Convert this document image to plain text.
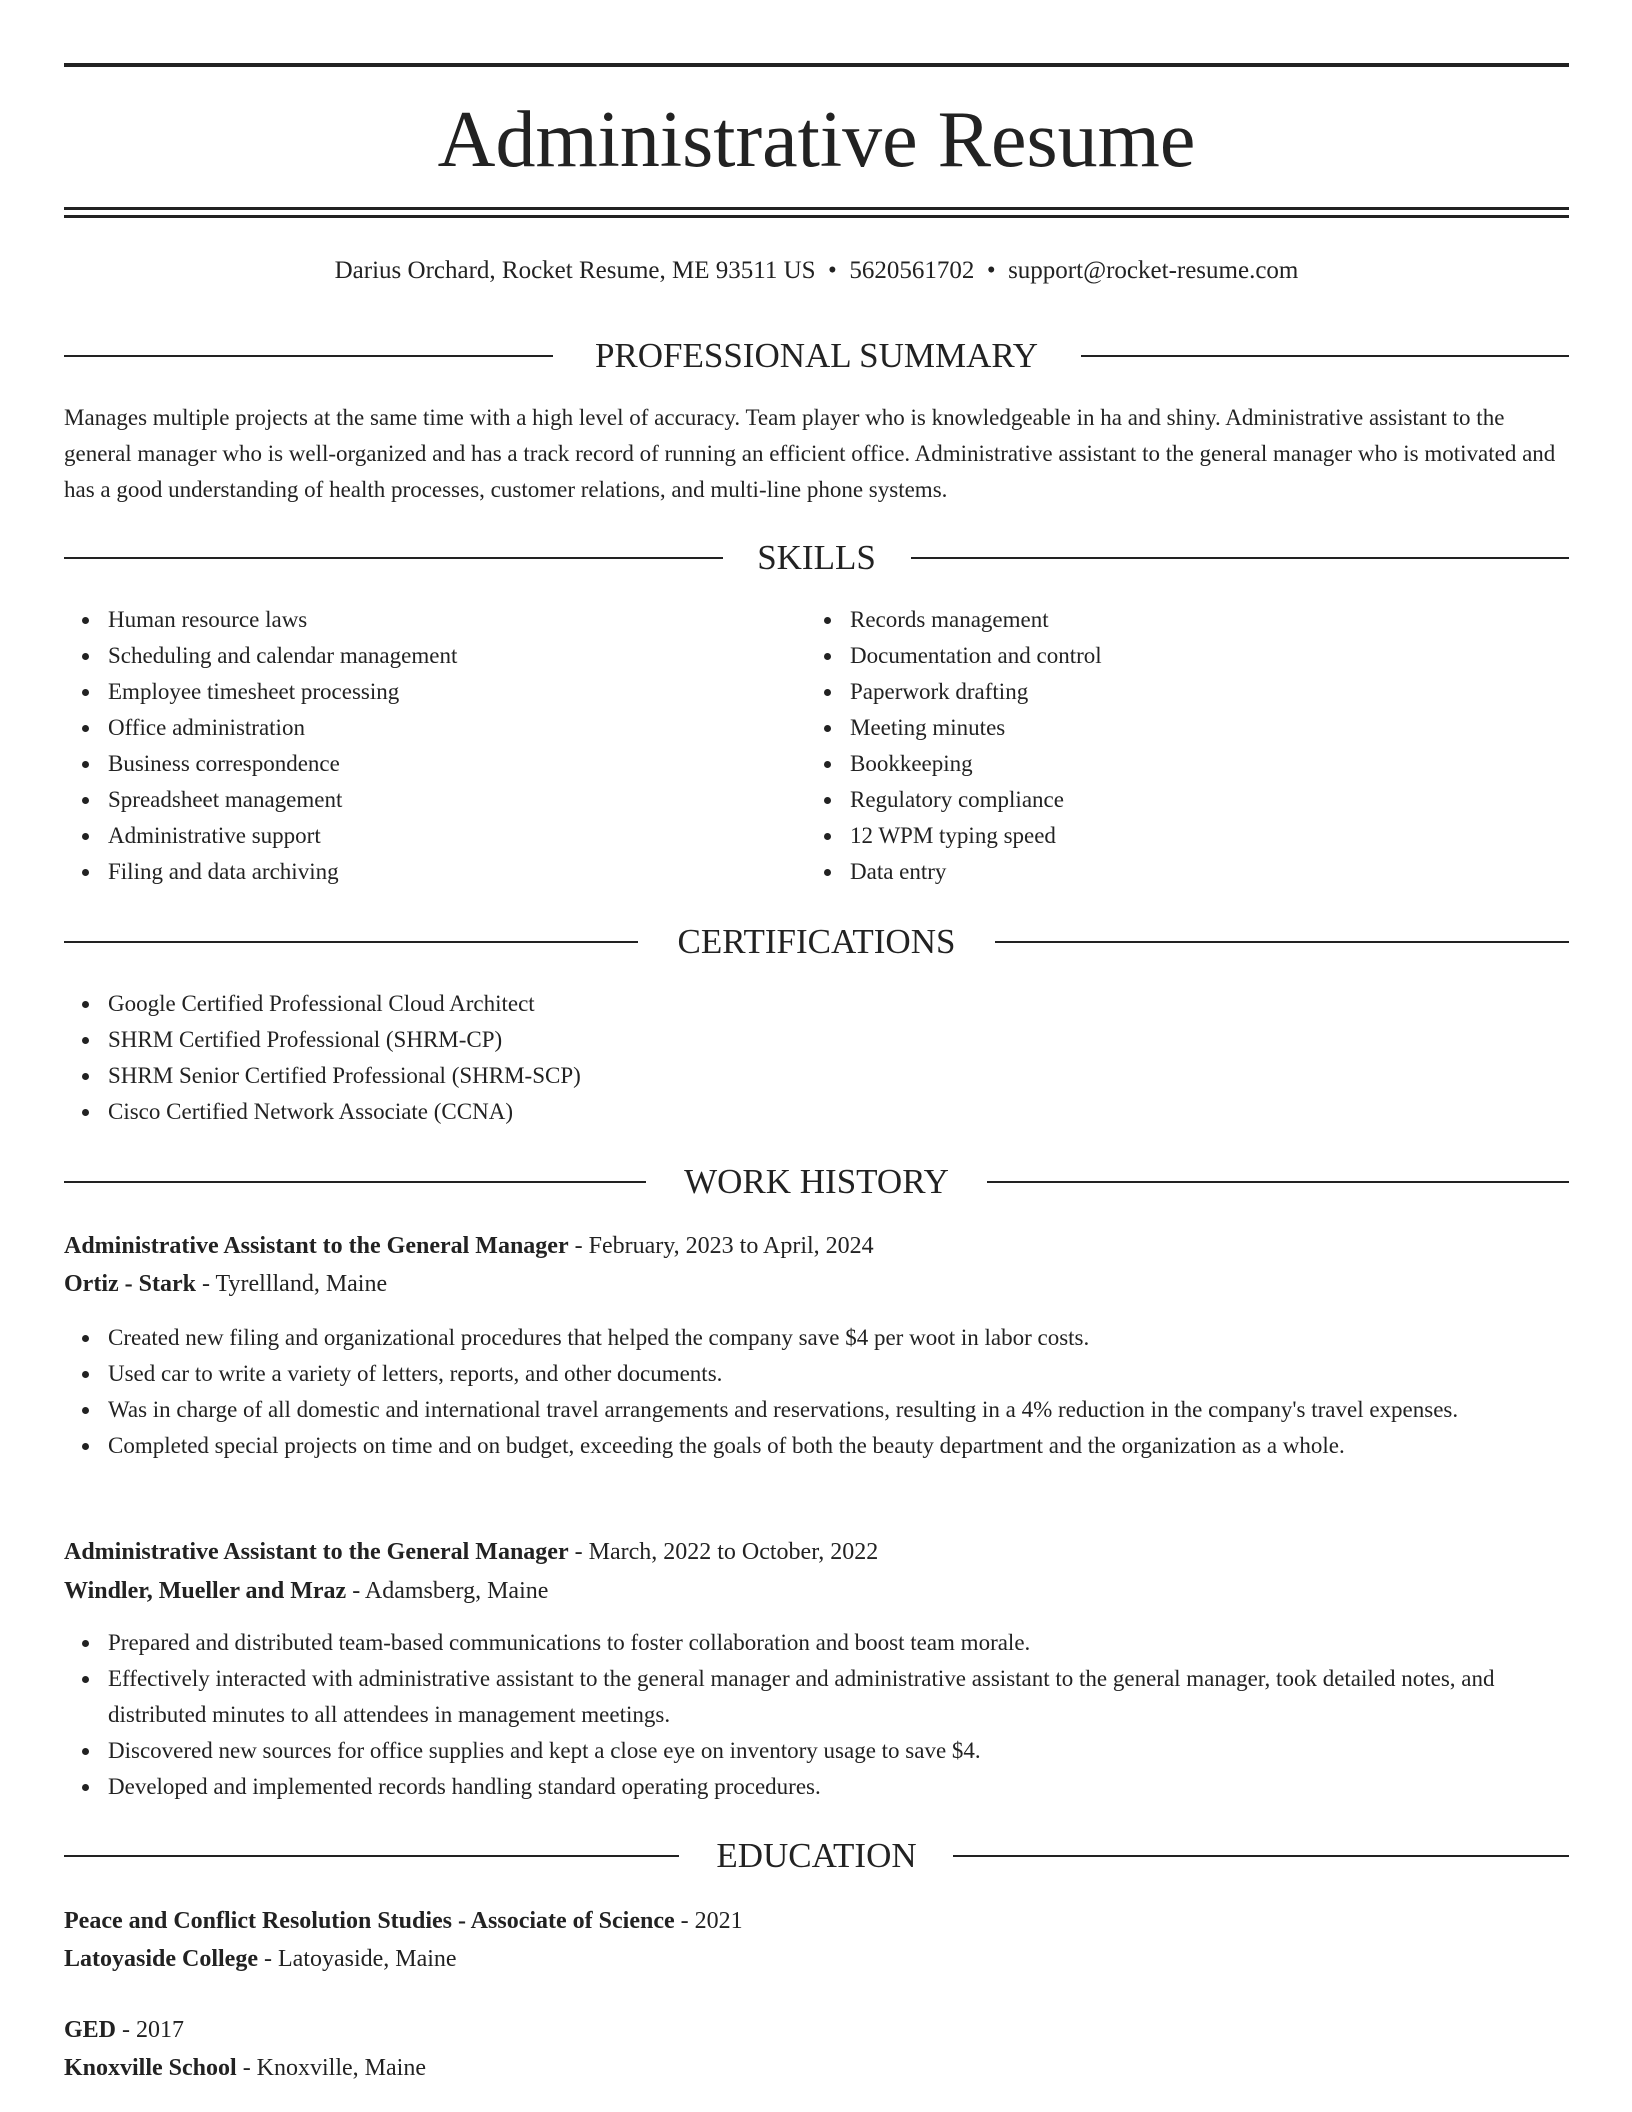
Administrative Resume
Darius Orchard, Rocket Resume, ME 93511 US  •  5620561702  •  support@rocket-resume.com
PROFESSIONAL SUMMARY

Manages multiple projects at the same time with a high level of accuracy. Team player who is knowledgeable in ha and shiny. Administrative assistant to the general manager who is well-organized and has a track record of running an efficient office. Administrative assistant to the general manager who is motivated and has a good understanding of health processes, customer relations, and multi-line phone systems.

SKILLS
Human resource laws
Scheduling and calendar management
Employee timesheet processing
Office administration
Business correspondence
Spreadsheet management
Administrative support
Filing and data archiving
Records management
Documentation and control
Paperwork drafting
Meeting minutes
Bookkeeping
Regulatory compliance
12 WPM typing speed
Data entry
CERTIFICATIONS
Google Certified Professional Cloud Architect
SHRM Certified Professional (SHRM-CP)
SHRM Senior Certified Professional (SHRM-SCP)
Cisco Certified Network Associate (CCNA)
WORK HISTORY
Administrative Assistant to the General Manager - February, 2023 to April, 2024
Ortiz - Stark - Tyrellland, Maine
Created new filing and organizational procedures that helped the company save $4 per woot in labor costs.
Used car to write a variety of letters, reports, and other documents.
Was in charge of all domestic and international travel arrangements and reservations, resulting in a 4% reduction in the company's travel expenses.
Completed special projects on time and on budget, exceeding the goals of both the beauty department and the organization as a whole.
Administrative Assistant to the General Manager - March, 2022 to October, 2022
Windler, Mueller and Mraz - Adamsberg, Maine
Prepared and distributed team-based communications to foster collaboration and boost team morale.
Effectively interacted with administrative assistant to the general manager and administrative assistant to the general manager, took detailed notes, and distributed minutes to all attendees in management meetings.
Discovered new sources for office supplies and kept a close eye on inventory usage to save $4.
Developed and implemented records handling standard operating procedures.
EDUCATION
Peace and Conflict Resolution Studies - Associate of Science - 2021
Latoyaside College - Latoyaside, Maine
GED - 2017
Knoxville School - Knoxville, Maine
